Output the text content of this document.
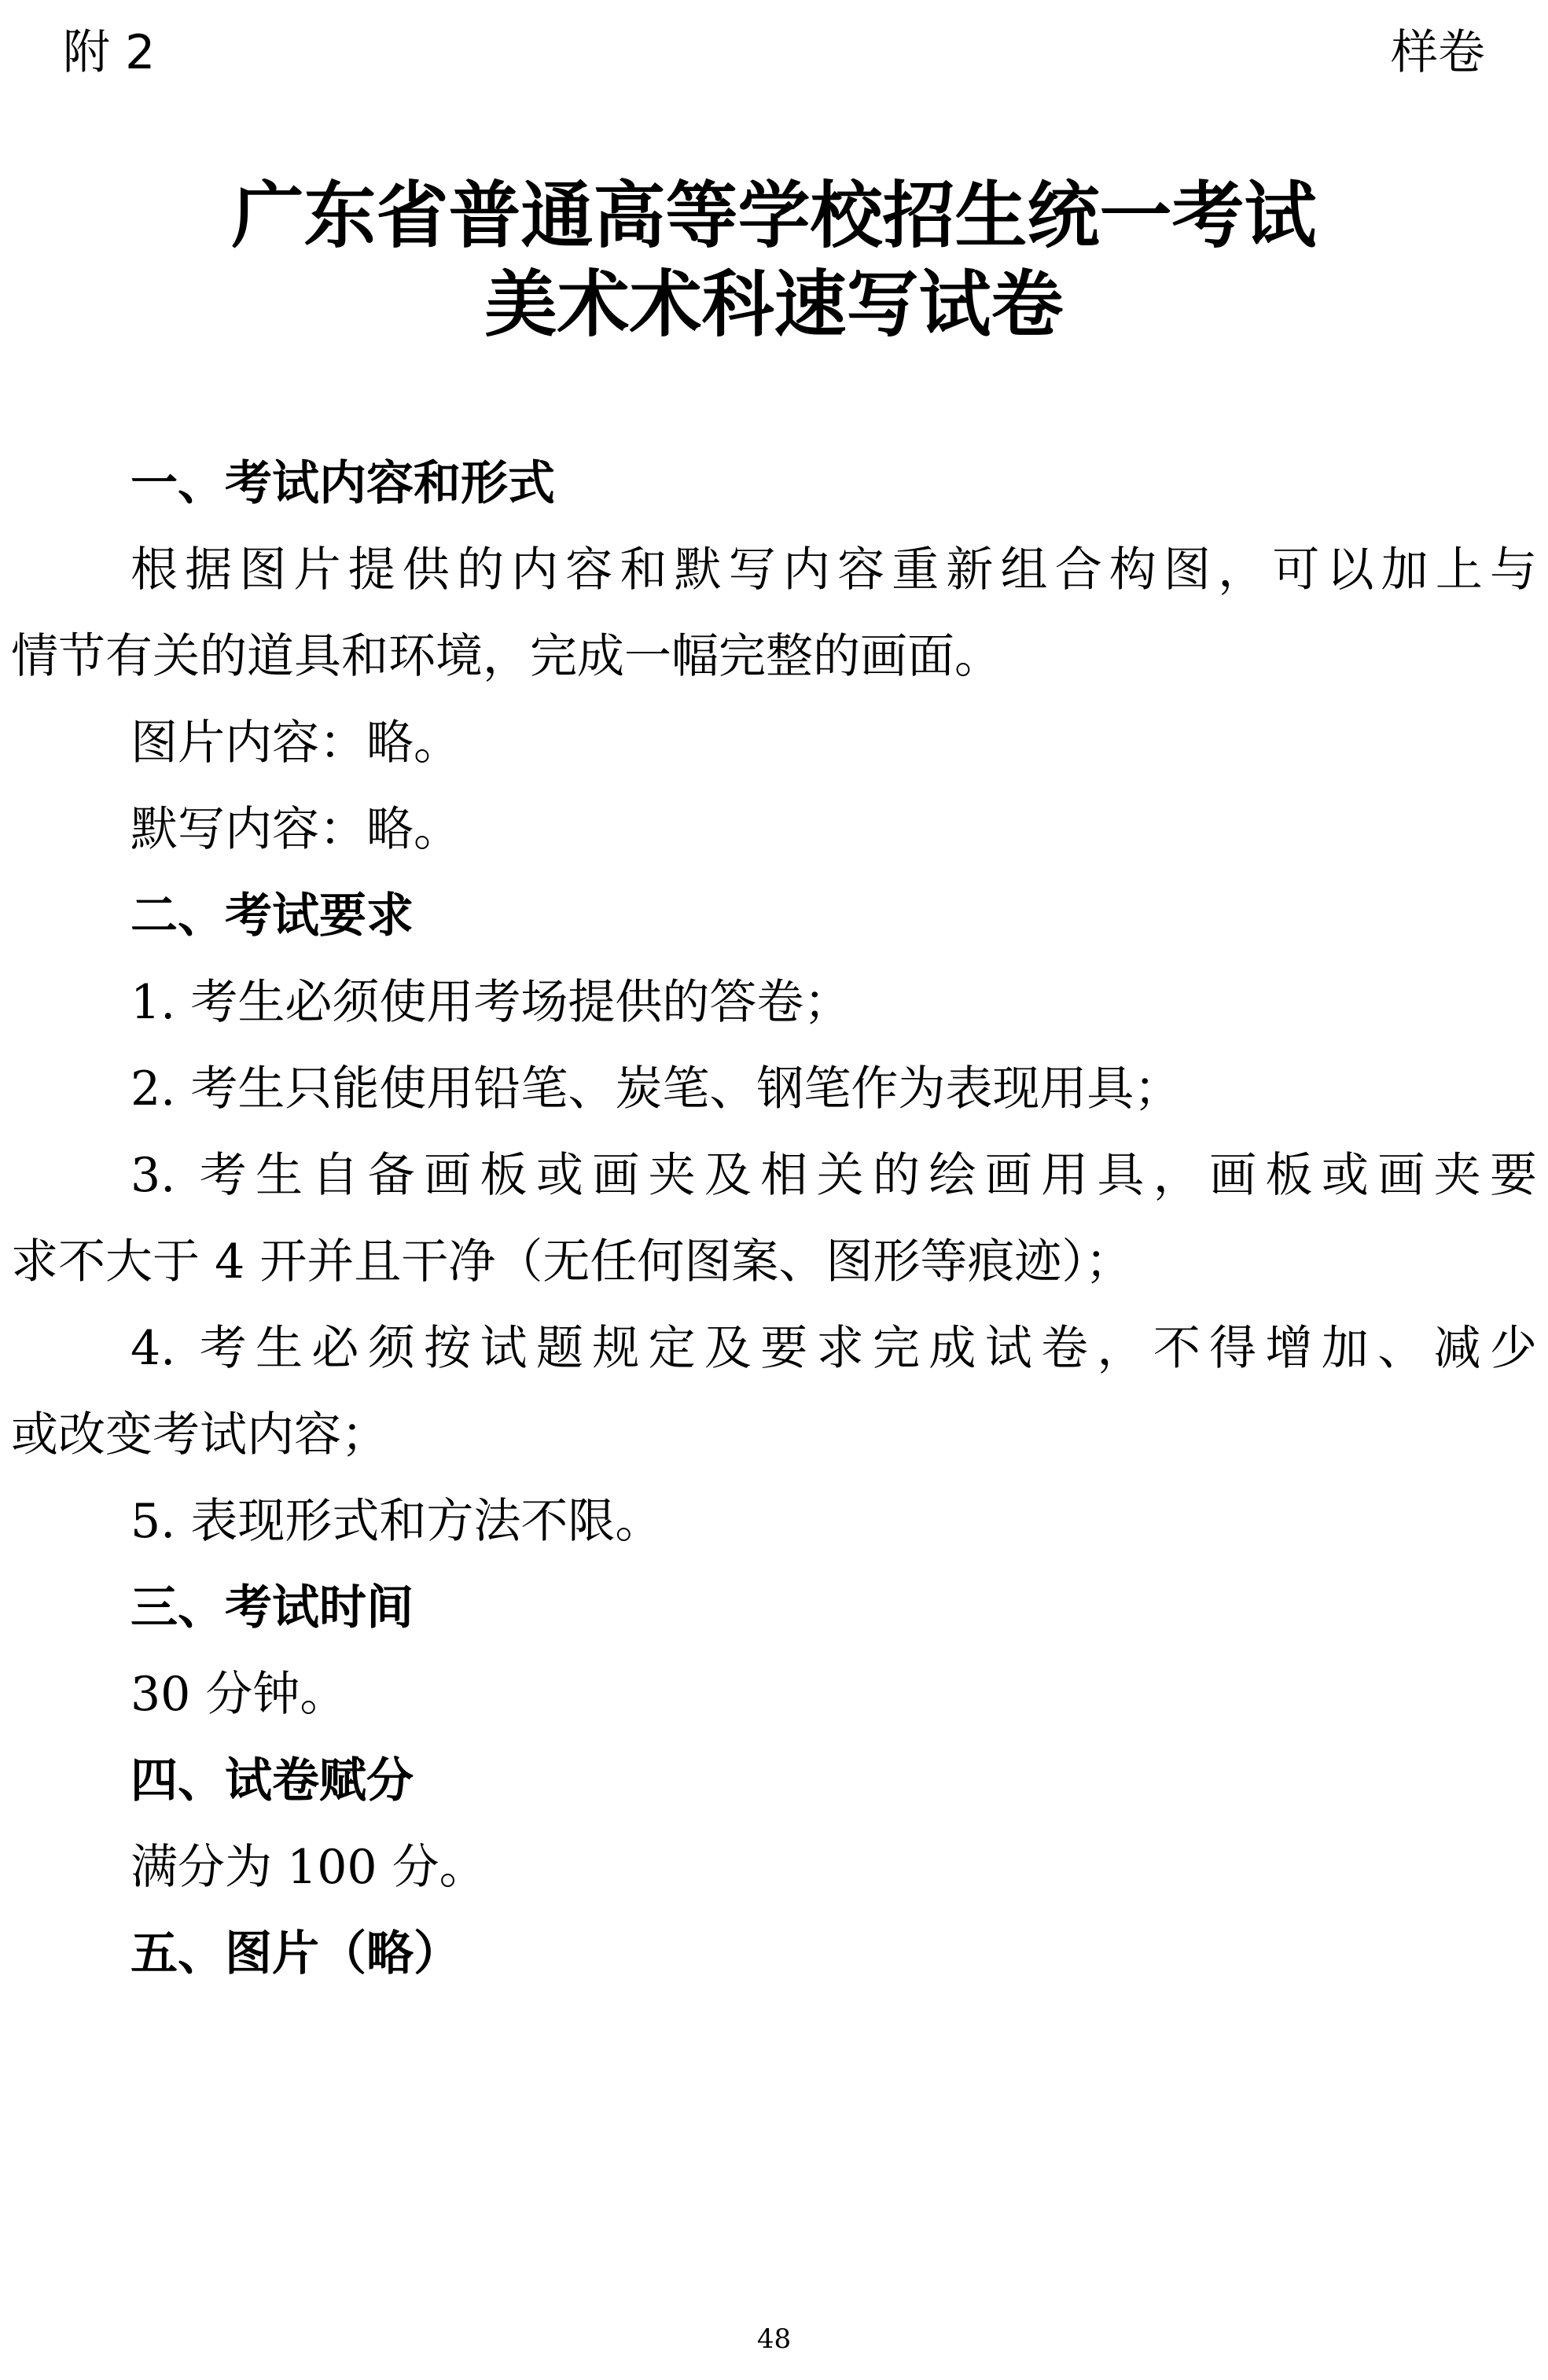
附 2	样卷
广东省普通高等学校招生统一考试
美术术科速写试卷
一、考试内容和形式
根据图片提供的内容和默写内容重新组合构图，可以加上与
情节有关的道具和环境，完成一幅完整的画面。
图片内容：略。
默写内容：略。
二、考试要求
1. 考生必须使用考场提供的答卷；
2. 考生只能使用铅笔、炭笔、钢笔作为表现用具；
3. 考生自备画板或画夹及相关的绘画用具，画板或画夹要
求不大于 4 开并且干净（无任何图案、图形等痕迹）；
4. 考生必须按试题规定及要求完成试卷，不得增加、减少
或改变考试内容；
5. 表现形式和方法不限。
三、考试时间
30 分钟。
四、试卷赋分
满分为 100 分。
五、图片（略）
48
